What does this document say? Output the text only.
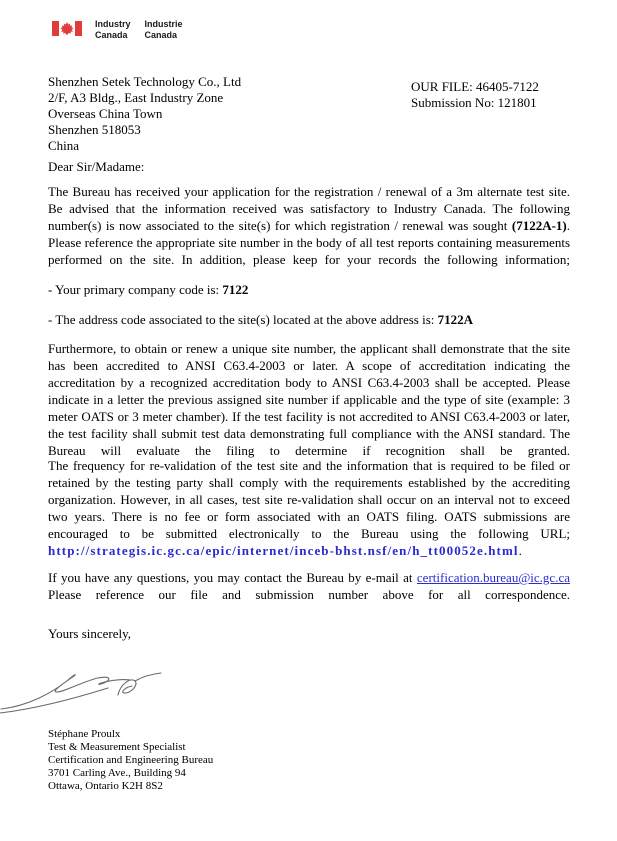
Industry
Canada
Industrie
Canada
Shenzhen Setek Technology Co., Ltd
2/F, A3 Bldg., East Industry Zone
Overseas China Town
Shenzhen 518053
China
OUR FILE: 46405-7122
Submission No: 121801
Dear Sir/Madame:
The Bureau has received your application for the registration / renewal of a 3m alternate test site. Be advised that the information received was satisfactory to Industry Canada. The following number(s) is now associated to the site(s) for which registration / renewal was sought (7122A-1). Please reference the appropriate site number in the body of all test reports containing measurements performed on the site. In addition, please keep for your records the following information;
- Your primary company code is: 7122
- The address code associated to the site(s) located at the above address is: 7122A
Furthermore, to obtain or renew a unique site number, the applicant shall demonstrate that the site has been accredited to ANSI C63.4-2003 or later. A scope of accreditation indicating the accreditation by a recognized accreditation body to ANSI C63.4-2003 shall be accepted. Please indicate in a letter the previous assigned site number if applicable and the type of site (example: 3 meter OATS or 3 meter chamber). If the test facility is not accredited to ANSI C63.4-2003 or later, the test facility shall submit test data demonstrating full compliance with the ANSI standard. The Bureau will evaluate the filing to determine if recognition shall be granted.
The frequency for re-validation of the test site and the information that is required to be filed or retained by the testing party shall comply with the requirements established by the accrediting organization. However, in all cases, test site re-validation shall occur on an interval not to exceed two years. There is no fee or form associated with an OATS filing. OATS submissions are encouraged to be submitted electronically to the Bureau using the following URL; http://strategis.ic.gc.ca/epic/internet/inceb-bhst.nsf/en/h_tt00052e.html.
If you have any questions, you may contact the Bureau by e-mail at certification.bureau@ic.gc.ca Please reference our file and submission number above for all correspondence.
Yours sincerely,
Stéphane Proulx
Test & Measurement Specialist
Certification and Engineering Bureau
3701 Carling Ave., Building 94
Ottawa, Ontario K2H 8S2
